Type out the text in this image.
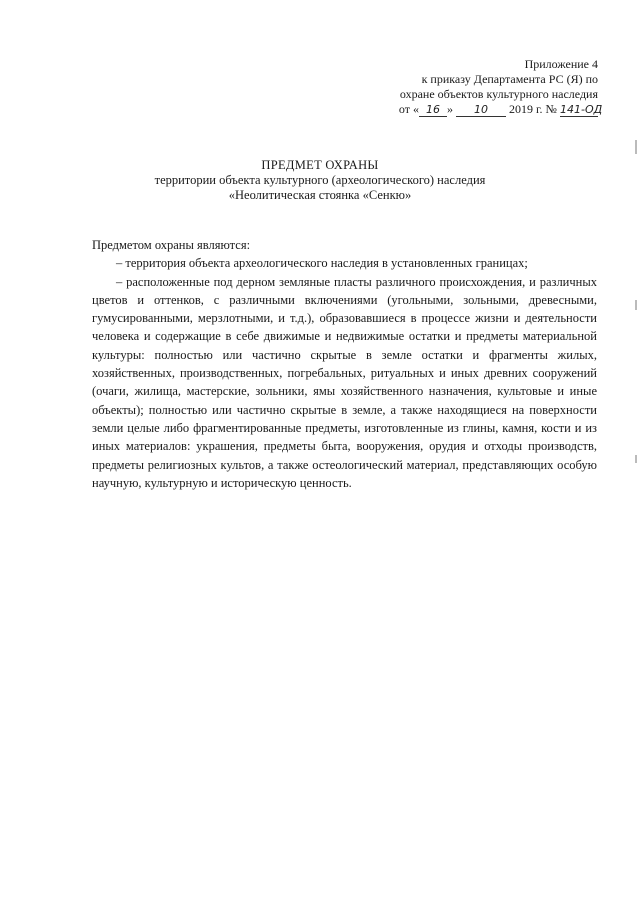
Приложение 4
к приказу Департамента РС (Я) по
охране объектов культурного наследия
от « 16 » 10 2019 г. № 141-ОД
ПРЕДМЕТ ОХРАНЫ
территории объекта культурного (археологического) наследия
«Неолитическая стоянка «Сенкю»

Предметом охраны являются:

– территория объекта археологического наследия в установленных границах;

– расположенные под дерном земляные пласты различного происхождения, и различных цветов и оттенков, с различными включениями (угольными, зольными, древесными, гумусированными, мерзлотными, и т.д.), образовавшиеся в процессе жизни и деятельности человека и содержащие в себе движимые и недвижимые остатки и предметы материальной культуры: полностью или частично скрытые в земле остатки и фрагменты жилых, хозяйственных, производственных, погребальных, ритуальных и иных древних сооружений (очаги, жилища, мастерские, зольники, ямы хозяйственного назначения, культовые и иные объекты); полностью или частично скрытые в земле, а также находящиеся на поверхности земли целые либо фрагментированные предметы, изготовленные из глины, камня, кости и из иных материалов: украшения, предметы быта, вооружения, орудия и отходы производств, предметы религиозных культов, а также остеологический материал, представляющих особую научную, культурную и историческую ценность.
